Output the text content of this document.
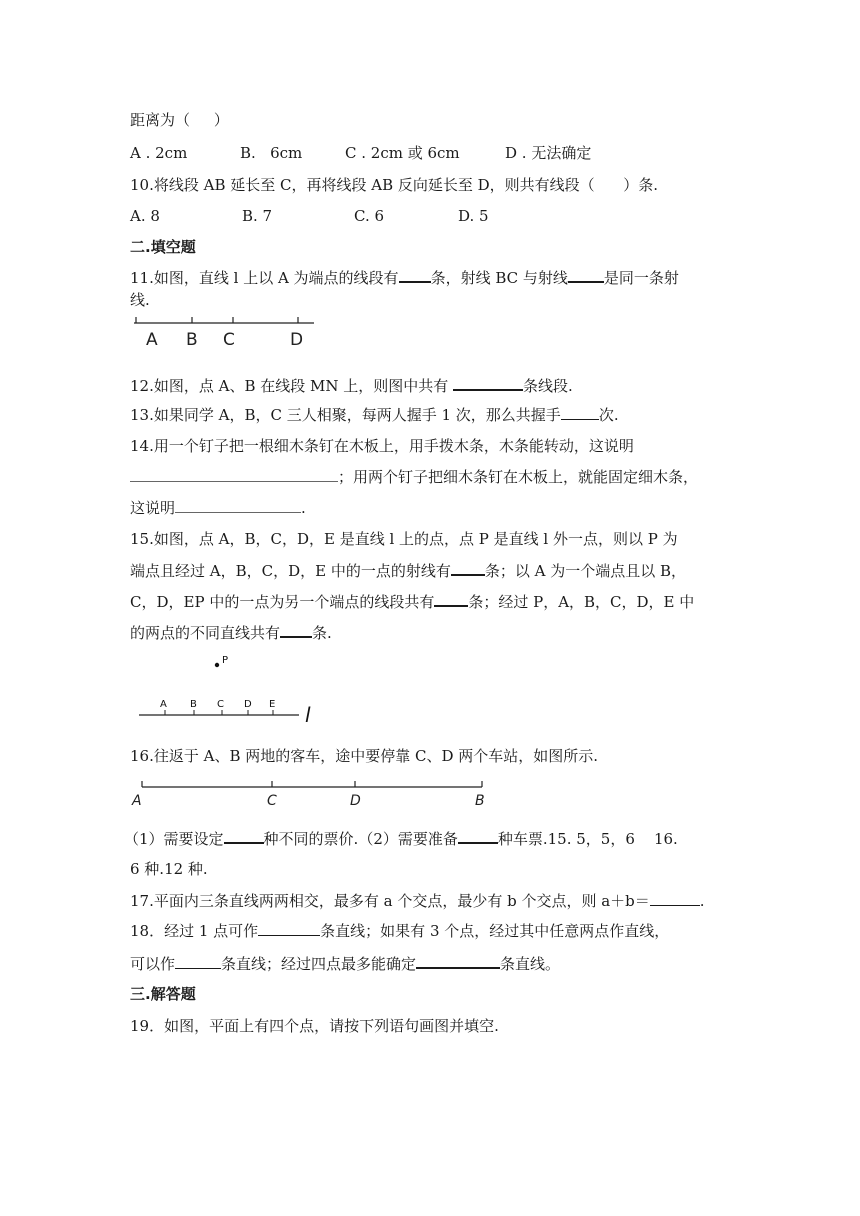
距离为（     ）
A . 2cm	B.   6cm	C . 2cm 或 6cm	D . 无法确定
10.将线段 AB 延长至 C，再将线段 AB 反向延长至 D，则共有线段（      ）条.
A. 8	B. 7	C. 6	D. 5
二.填空题
11.如图，直线 l 上以 A 为端点的线段有 条，射线 BC 与射线 是同一条射
线.
A B C	D
12.如图，点 A、B 在线段 MN 上，则图中共有	条线段.
13.如果同学 A，B，C 三人相聚，每两人握手 1 次，那么共握手	次.
14.用一个钉子把一根细木条钉在木板上，用手拨木条，木条能转动，这说明
；用两个钉子把细木条钉在木板上，就能固定细木条，
这说明	.
15.如图，点 A，B，C，D，E 是直线 l 上的点，点 P 是直线 l 外一点，则以 P 为
端点且经过 A，B，C，D，E 中的一点的射线有 条；以 A 为一个端点且以 B，
C，D，EP 中的一点为另一个端点的线段共有 条；经过 P，A，B，C，D，E 中
的两点的不同直线共有 条.
P
A B C D E l
16.往返于 A、B 两地的客车，途中要停靠 C、D 两个车站，如图所示.
A	C	D	B
（1）需要设定	种不同的票价.（2）需要准备	种车票.15. 5，5，6    16.
6 种.12 种.
17.平面内三条直线两两相交，最多有 a 个交点，最少有 b 个交点，则 a＋b＝	.
18．经过 1 点可作	条直线；如果有 3 个点，经过其中任意两点作直线，
可以作	条直线；经过四点最多能确定	条直线。
三.解答题
19．如图，平面上有四个点，请按下列语句画图并填空.
